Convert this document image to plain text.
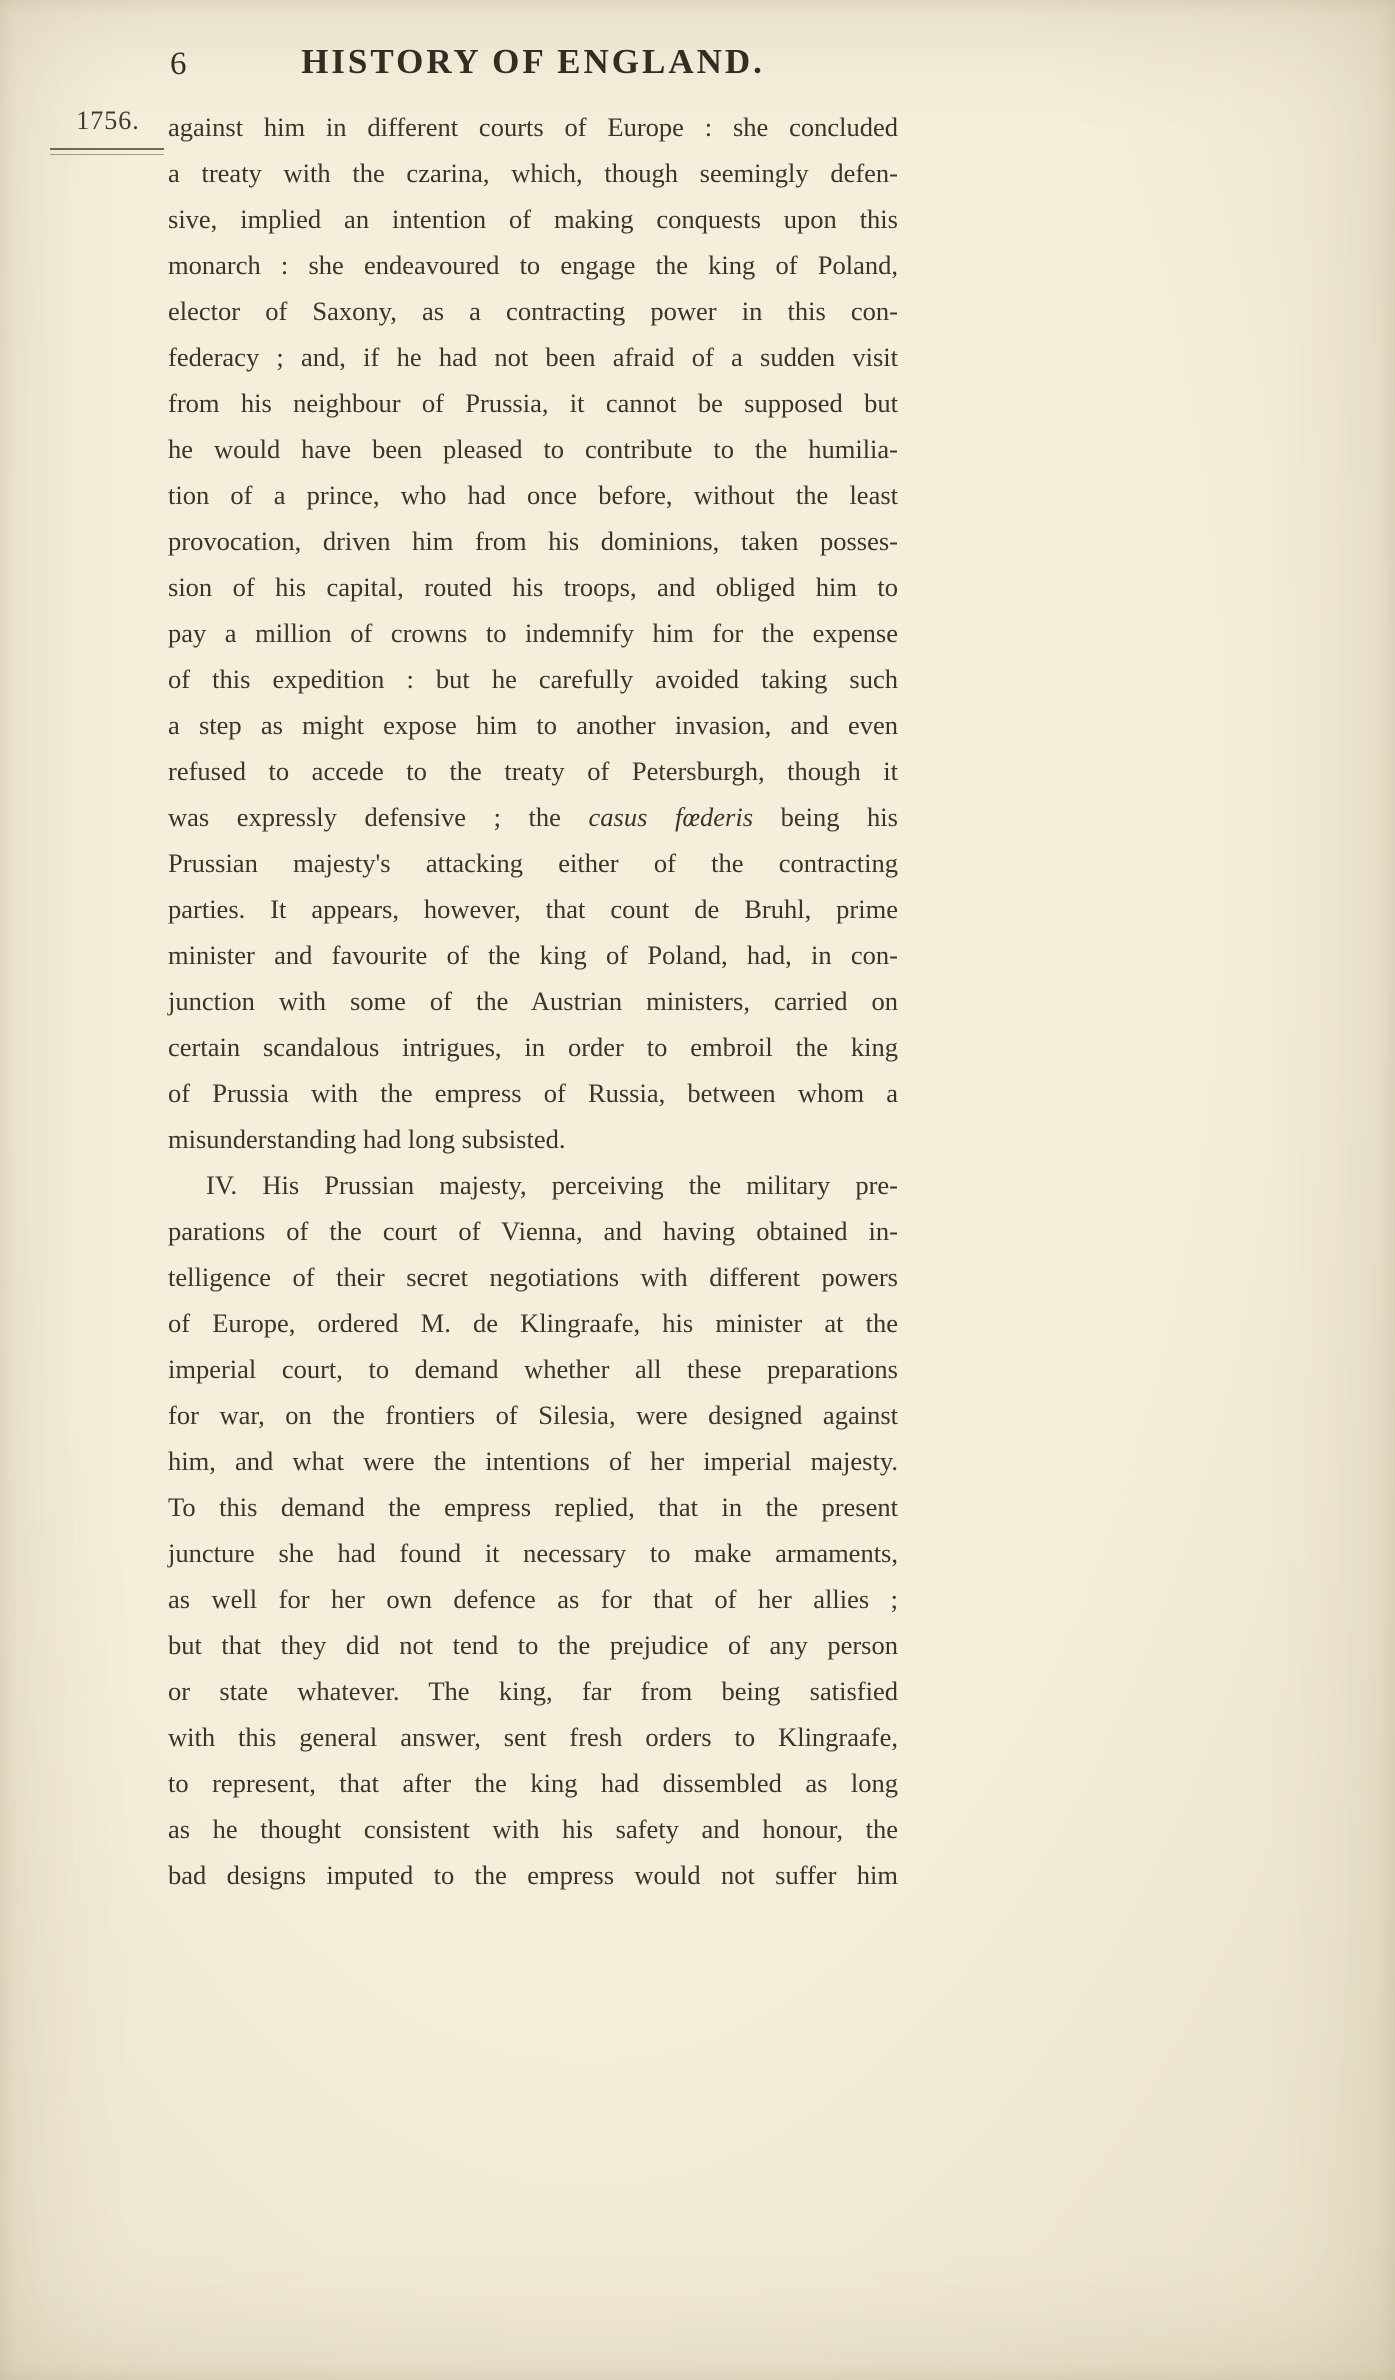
6	HISTORY OF ENGLAND.
1756.	against him in different courts of Europe : she concluded
a treaty with the czarina, which, though seemingly defen-
sive, implied an intention of making conquests upon this
monarch : she endeavoured to engage the king of Poland,
elector of Saxony, as a contracting power in this con-
federacy ; and, if he had not been afraid of a sudden visit
from his neighbour of Prussia, it cannot be supposed but
he would have been pleased to contribute to the humilia-
tion of a prince, who had once before, without the least
provocation, driven him from his dominions, taken posses-
sion of his capital, routed his troops, and obliged him to
pay a million of crowns to indemnify him for the expense
of this expedition : but he carefully avoided taking such
a step as might expose him to another invasion, and even
refused to accede to the treaty of Petersburgh, though it
was expressly defensive ; the casus fœderis being his
Prussian majesty's attacking either of the contracting
parties. It appears, however, that count de Bruhl, prime
minister and favourite of the king of Poland, had, in con-
junction with some of the Austrian ministers, carried on
certain scandalous intrigues, in order to embroil the king
of Prussia with the empress of Russia, between whom a
misunderstanding had long subsisted.
IV. His Prussian majesty, perceiving the military pre-
parations of the court of Vienna, and having obtained in-
telligence of their secret negotiations with different powers
of Europe, ordered M. de Klingraafe, his minister at the
imperial court, to demand whether all these preparations
for war, on the frontiers of Silesia, were designed against
him, and what were the intentions of her imperial majesty.
To this demand the empress replied, that in the present
juncture she had found it necessary to make armaments,
as well for her own defence as for that of her allies ;
but that they did not tend to the prejudice of any person
or state whatever. The king, far from being satisfied
with this general answer, sent fresh orders to Klingraafe,
to represent, that after the king had dissembled as long
as he thought consistent with his safety and honour, the
bad designs imputed to the empress would not suffer him
